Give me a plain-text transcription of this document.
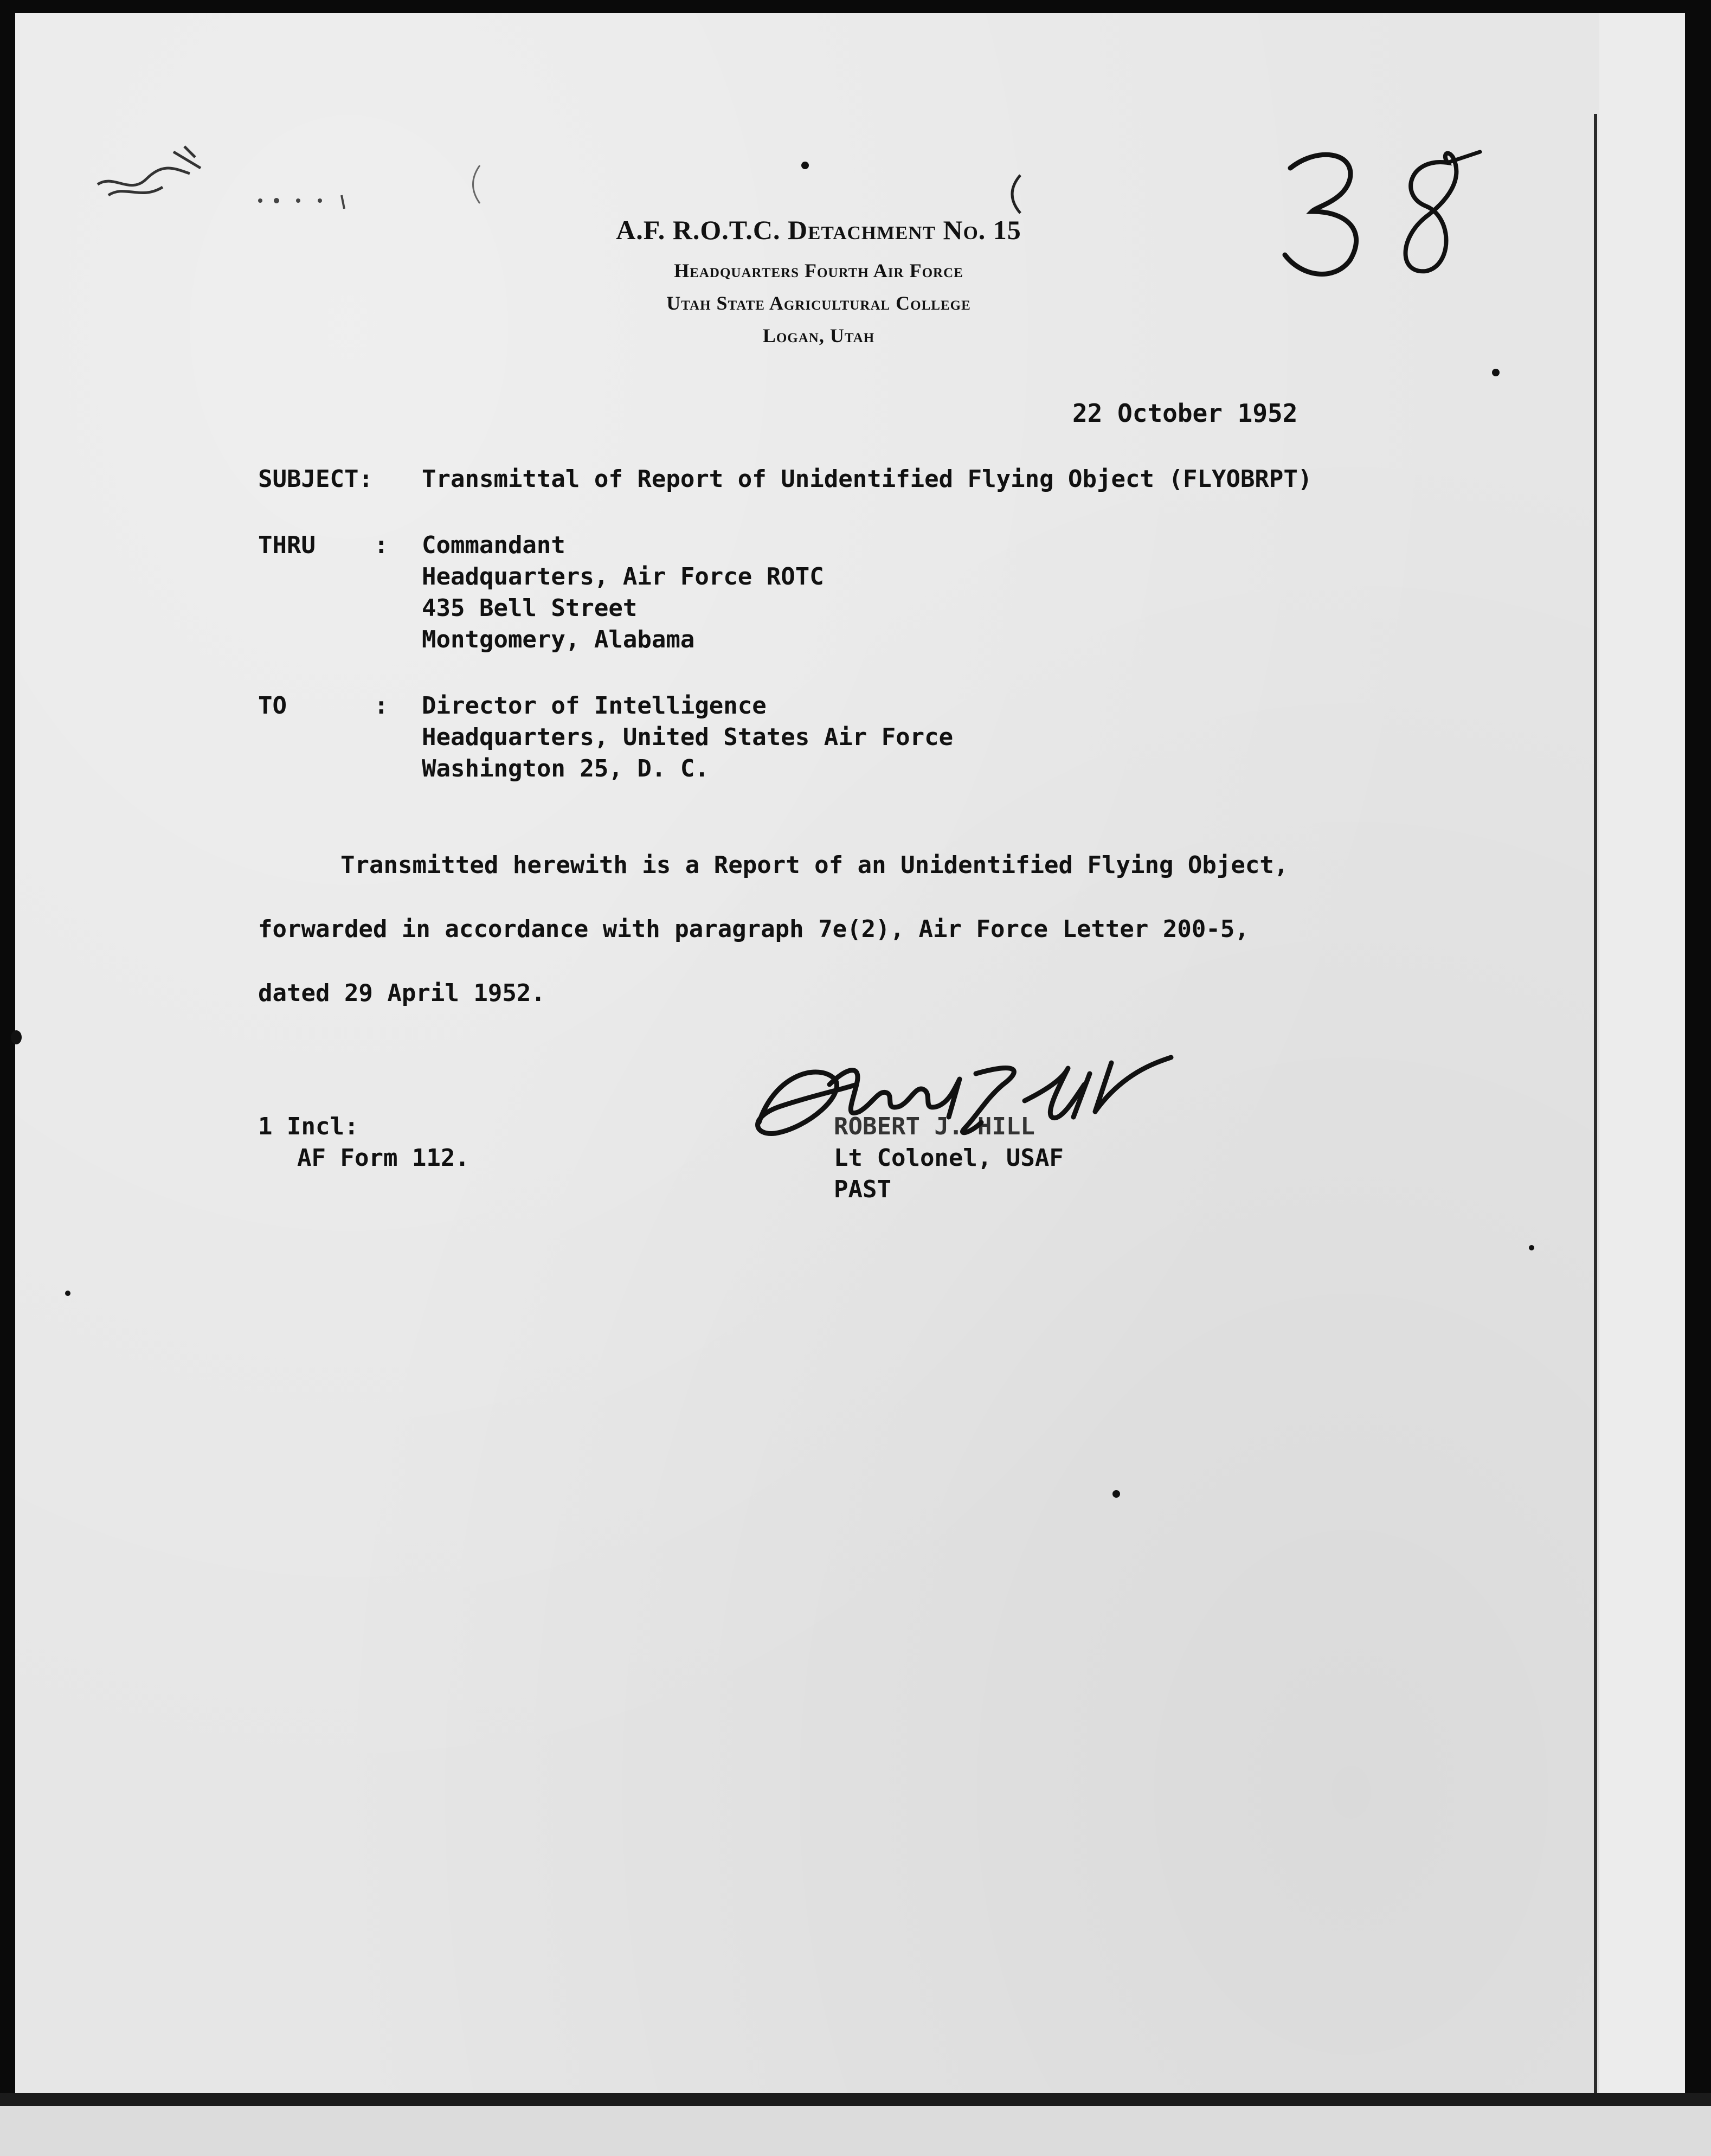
A.F. R.O.T.C. Detachment No. 15
Headquarters Fourth Air Force
Utah State Agricultural College
Logan, Utah
22 October 1952
SUBJECT: Transmittal of Report of Unidentified Flying Object (FLYOBRPT)
THRU : Commandant
Headquarters, Air Force ROTC
435 Bell Street
Montgomery, Alabama
TO	: Director of Intelligence
Headquarters, United States Air Force
Washington 25, D. C.
Transmitted herewith is a Report of an Unidentified Flying Object,
forwarded in accordance with paragraph 7e(2), Air Force Letter 200-5,
dated 29 April 1952.
1 Incl:
AF Form 112.
ROBERT J. HILL
Lt Colonel, USAF
PAST
